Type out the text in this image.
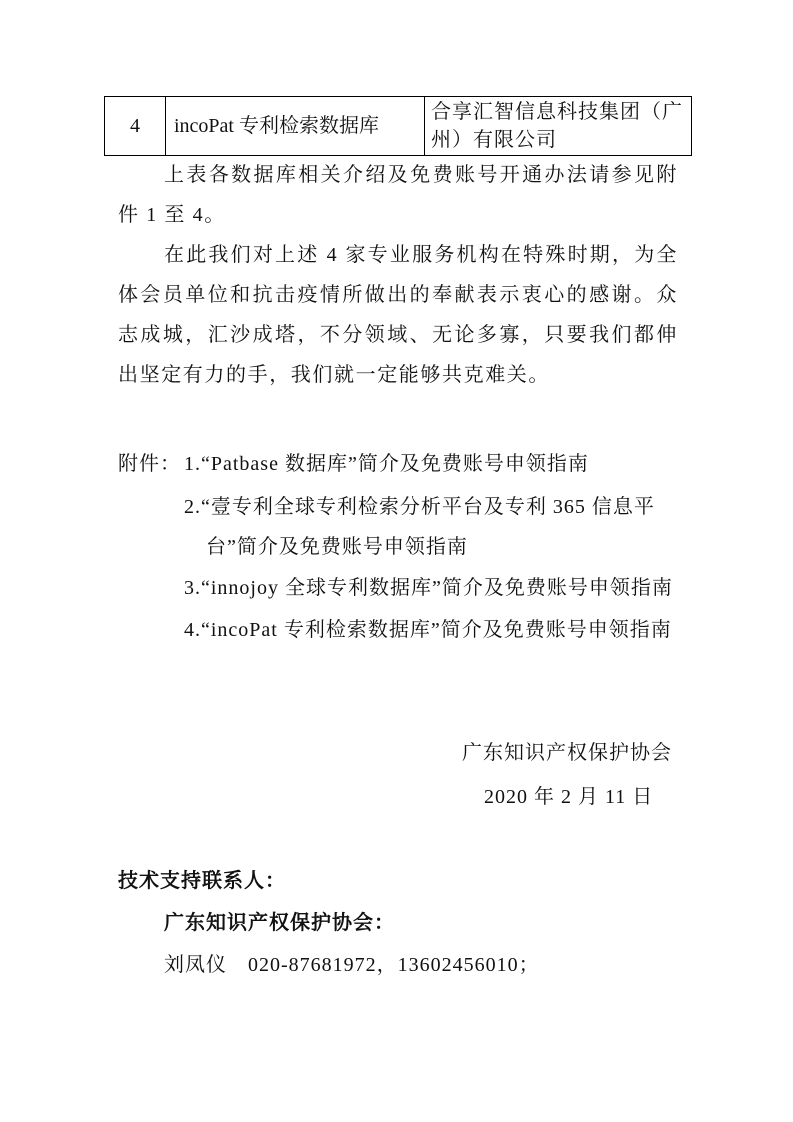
4	incoPat 专利检索数据库	合享汇智信息科技集团（广州）有限公司

上表各数据库相关介绍及免费账号开通办法请参见附件 1 至 4。

在此我们对上述 4 家专业服务机构在特殊时期，为全体会员单位和抗击疫情所做出的奉献表示衷心的感谢。众志成城，汇沙成塔，不分领域、无论多寡，只要我们都伸出坚定有力的手，我们就一定能够共克难关。

附件： 1.“Patbase 数据库”简介及免费账号申领指南
2.“壹专利全球专利检索分析平台及专利 365 信息平
台”简介及免费账号申领指南
3.“innojoy 全球专利数据库”简介及免费账号申领指南
4.“incoPat 专利检索数据库”简介及免费账号申领指南
广东知识产权保护协会
2020 年 2 月 11 日
技术支持联系人：
广东知识产权保护协会：
刘凤仪　020-87681972，13602456010；
